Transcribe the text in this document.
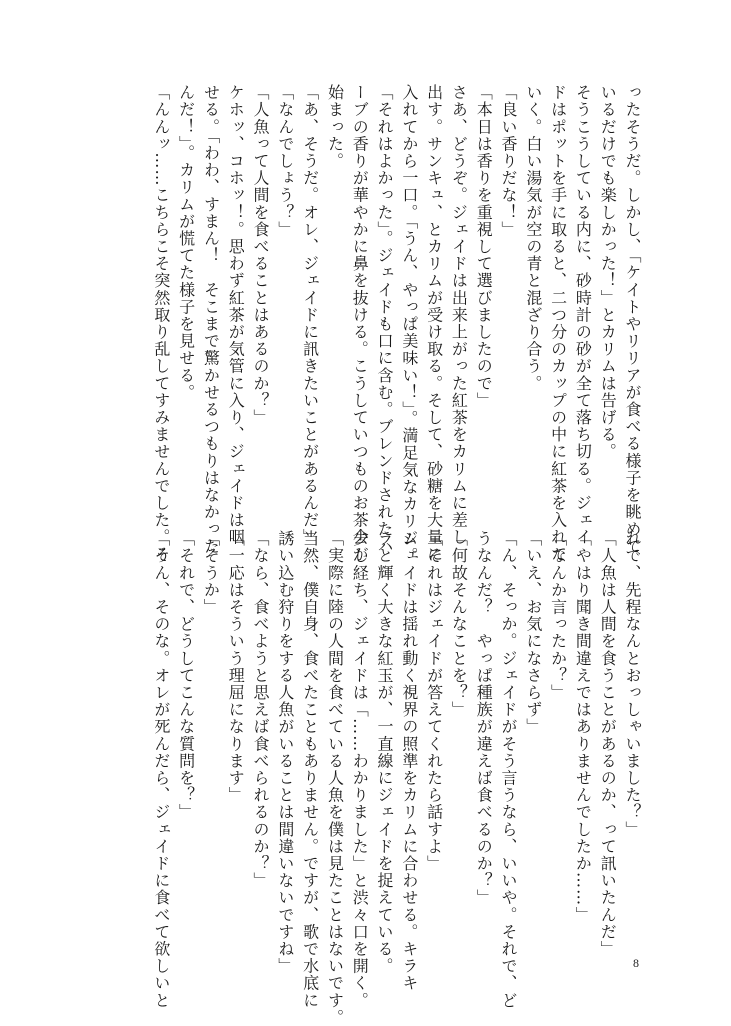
ったそうだ。しかし、「ケイトやリリアが食べる様子を眺めて
いるだけでも楽しかった！」とカリムは告げる。
そうこうしている内に、砂時計の砂が全て落ち切る。ジェイ
ドはポットを手に取ると、二つ分のカップの中に紅茶を入れて
いく。白い湯気が空の青と混ざり合う。
「良い香りだな！」
「本日は香りを重視して選びましたので」
さあ、どうぞ。ジェイドは出来上がった紅茶をカリムに差し
出す。サンキュ、とカリムが受け取る。そして、砂糖を大量に
入れてから一口。「うん、やっぱ美味い！」。満足気なカリム。
「それはよかった」。ジェイドも口に含む。ブレンドされたハ
ーブの香りが華やかに鼻を抜ける。こうしていつものお茶会が
始まった。
「あ、そうだ。オレ、ジェイドに訊きたいことがあるんだ」
「なんでしょう？」
「人魚って人間を食べることはあるのか？」
ケホッ、コホッ！。思わず紅茶が気管に入り、ジェイドは咽
せる。「わわ、すまん！　そこまで驚かせるつもりはなかった
んだ！」。カリムが慌てた様子を見せる。
「んんッ……こちらこそ突然取り乱してすみませんでした。そ
れで、先程なんとおっしゃいました？」
「人魚は人間を食うことがあるのか、って訊いたんだ」
「やはり聞き間違えではありませんでしたか……」
「なんか言ったか？」
「いえ、お気になさらず」
「ん、そっか。ジェイドがそう言うなら、いいや。それで、ど
うなんだ？　やっぱ種族が違えば食べるのか？」
「何故そんなことを？」
「それはジェイドが答えてくれたら話すよ」
ジェイドは揺れ動く視界の照準をカリムに合わせる。キラキ
ラと輝く大きな紅玉が、一直線にジェイドを捉えている。
少し経ち、ジェイドは「……わかりました」と渋々口を開く。
「実際に陸の人間を食べている人魚を僕は見たことはないです。
当然、僕自身、食べたこともありません。ですが、歌で水底に
誘い込む狩りをする人魚がいることは間違いないですね」
「なら、食べようと思えば食べられるのか？」
「一応はそういう理屈になります」
「そうか」
「それで、どうしてこんな質問を？」
「うん、そのな。オレが死んだら、ジェイドに食べて欲しいと	8
